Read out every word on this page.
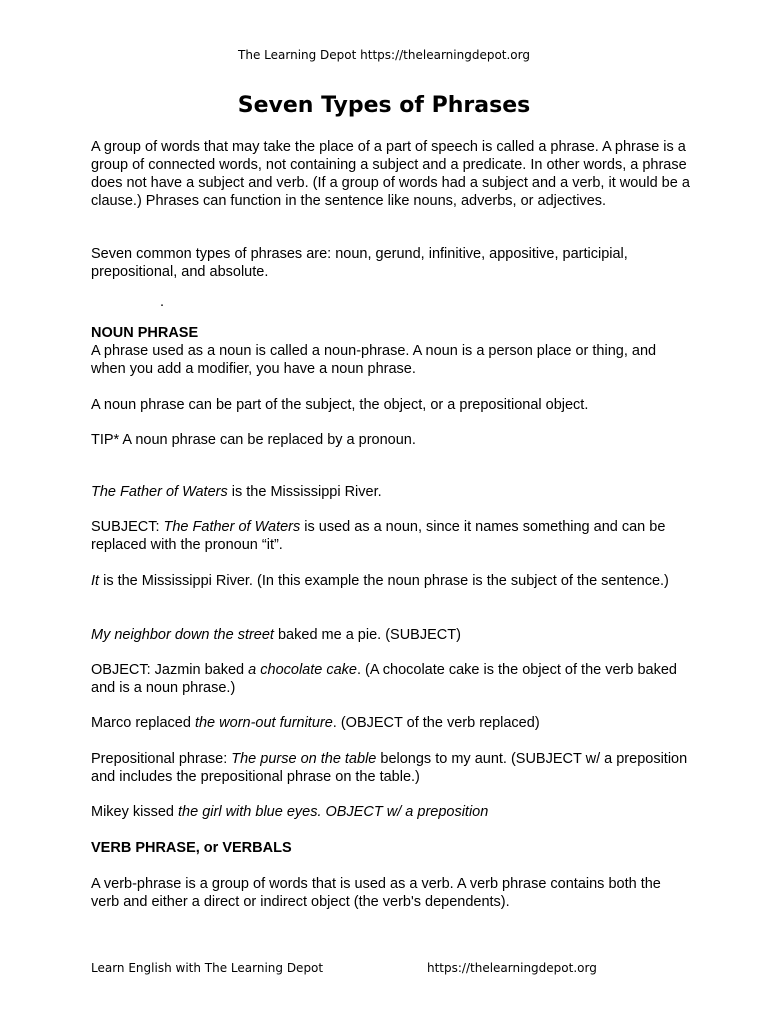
The Learning Depot https://thelearningdepot.org
Seven Types of Phrases

A group of words that may take the place of a part of speech is called a phrase. A phrase is a group of connected words, not containing a subject and a predicate. In other words, a phrase does not have a subject and verb. (If a group of words had a subject and a verb, it would be a clause.) Phrases can function in the sentence like nouns, adverbs, or adjectives.

Seven common types of phrases are: noun, gerund, infinitive, appositive, participial, prepositional, and absolute.

.

NOUN PHRASE

A phrase used as a noun is called a noun-phrase. A noun is a person place or thing, and when you add a modifier, you have a noun phrase.

A noun phrase can be part of the subject, the object, or a prepositional object.

TIP* A noun phrase can be replaced by a pronoun.

The Father of Waters is the Mississippi River.

SUBJECT: The Father of Waters is used as a noun, since it names something and can be replaced with the pronoun “it”.

It is the Mississippi River. (In this example the noun phrase is the subject of the sentence.)

My neighbor down the street baked me a pie. (SUBJECT)

OBJECT: Jazmin baked a chocolate cake. (A chocolate cake is the object of the verb baked and is a noun phrase.)

Marco replaced the worn-out furniture. (OBJECT of the verb replaced)

Prepositional phrase: The purse on the table belongs to my aunt. (SUBJECT w/ a preposition and includes the prepositional phrase on the table.)

Mikey kissed the girl with blue eyes. OBJECT w/ a preposition

VERB PHRASE, or VERBALS

A verb-phrase is a group of words that is used as a verb. A verb phrase contains both the verb and either a direct or indirect object (the verb's dependents).

Learn English with The Learning Depot	https://thelearningdepot.org
